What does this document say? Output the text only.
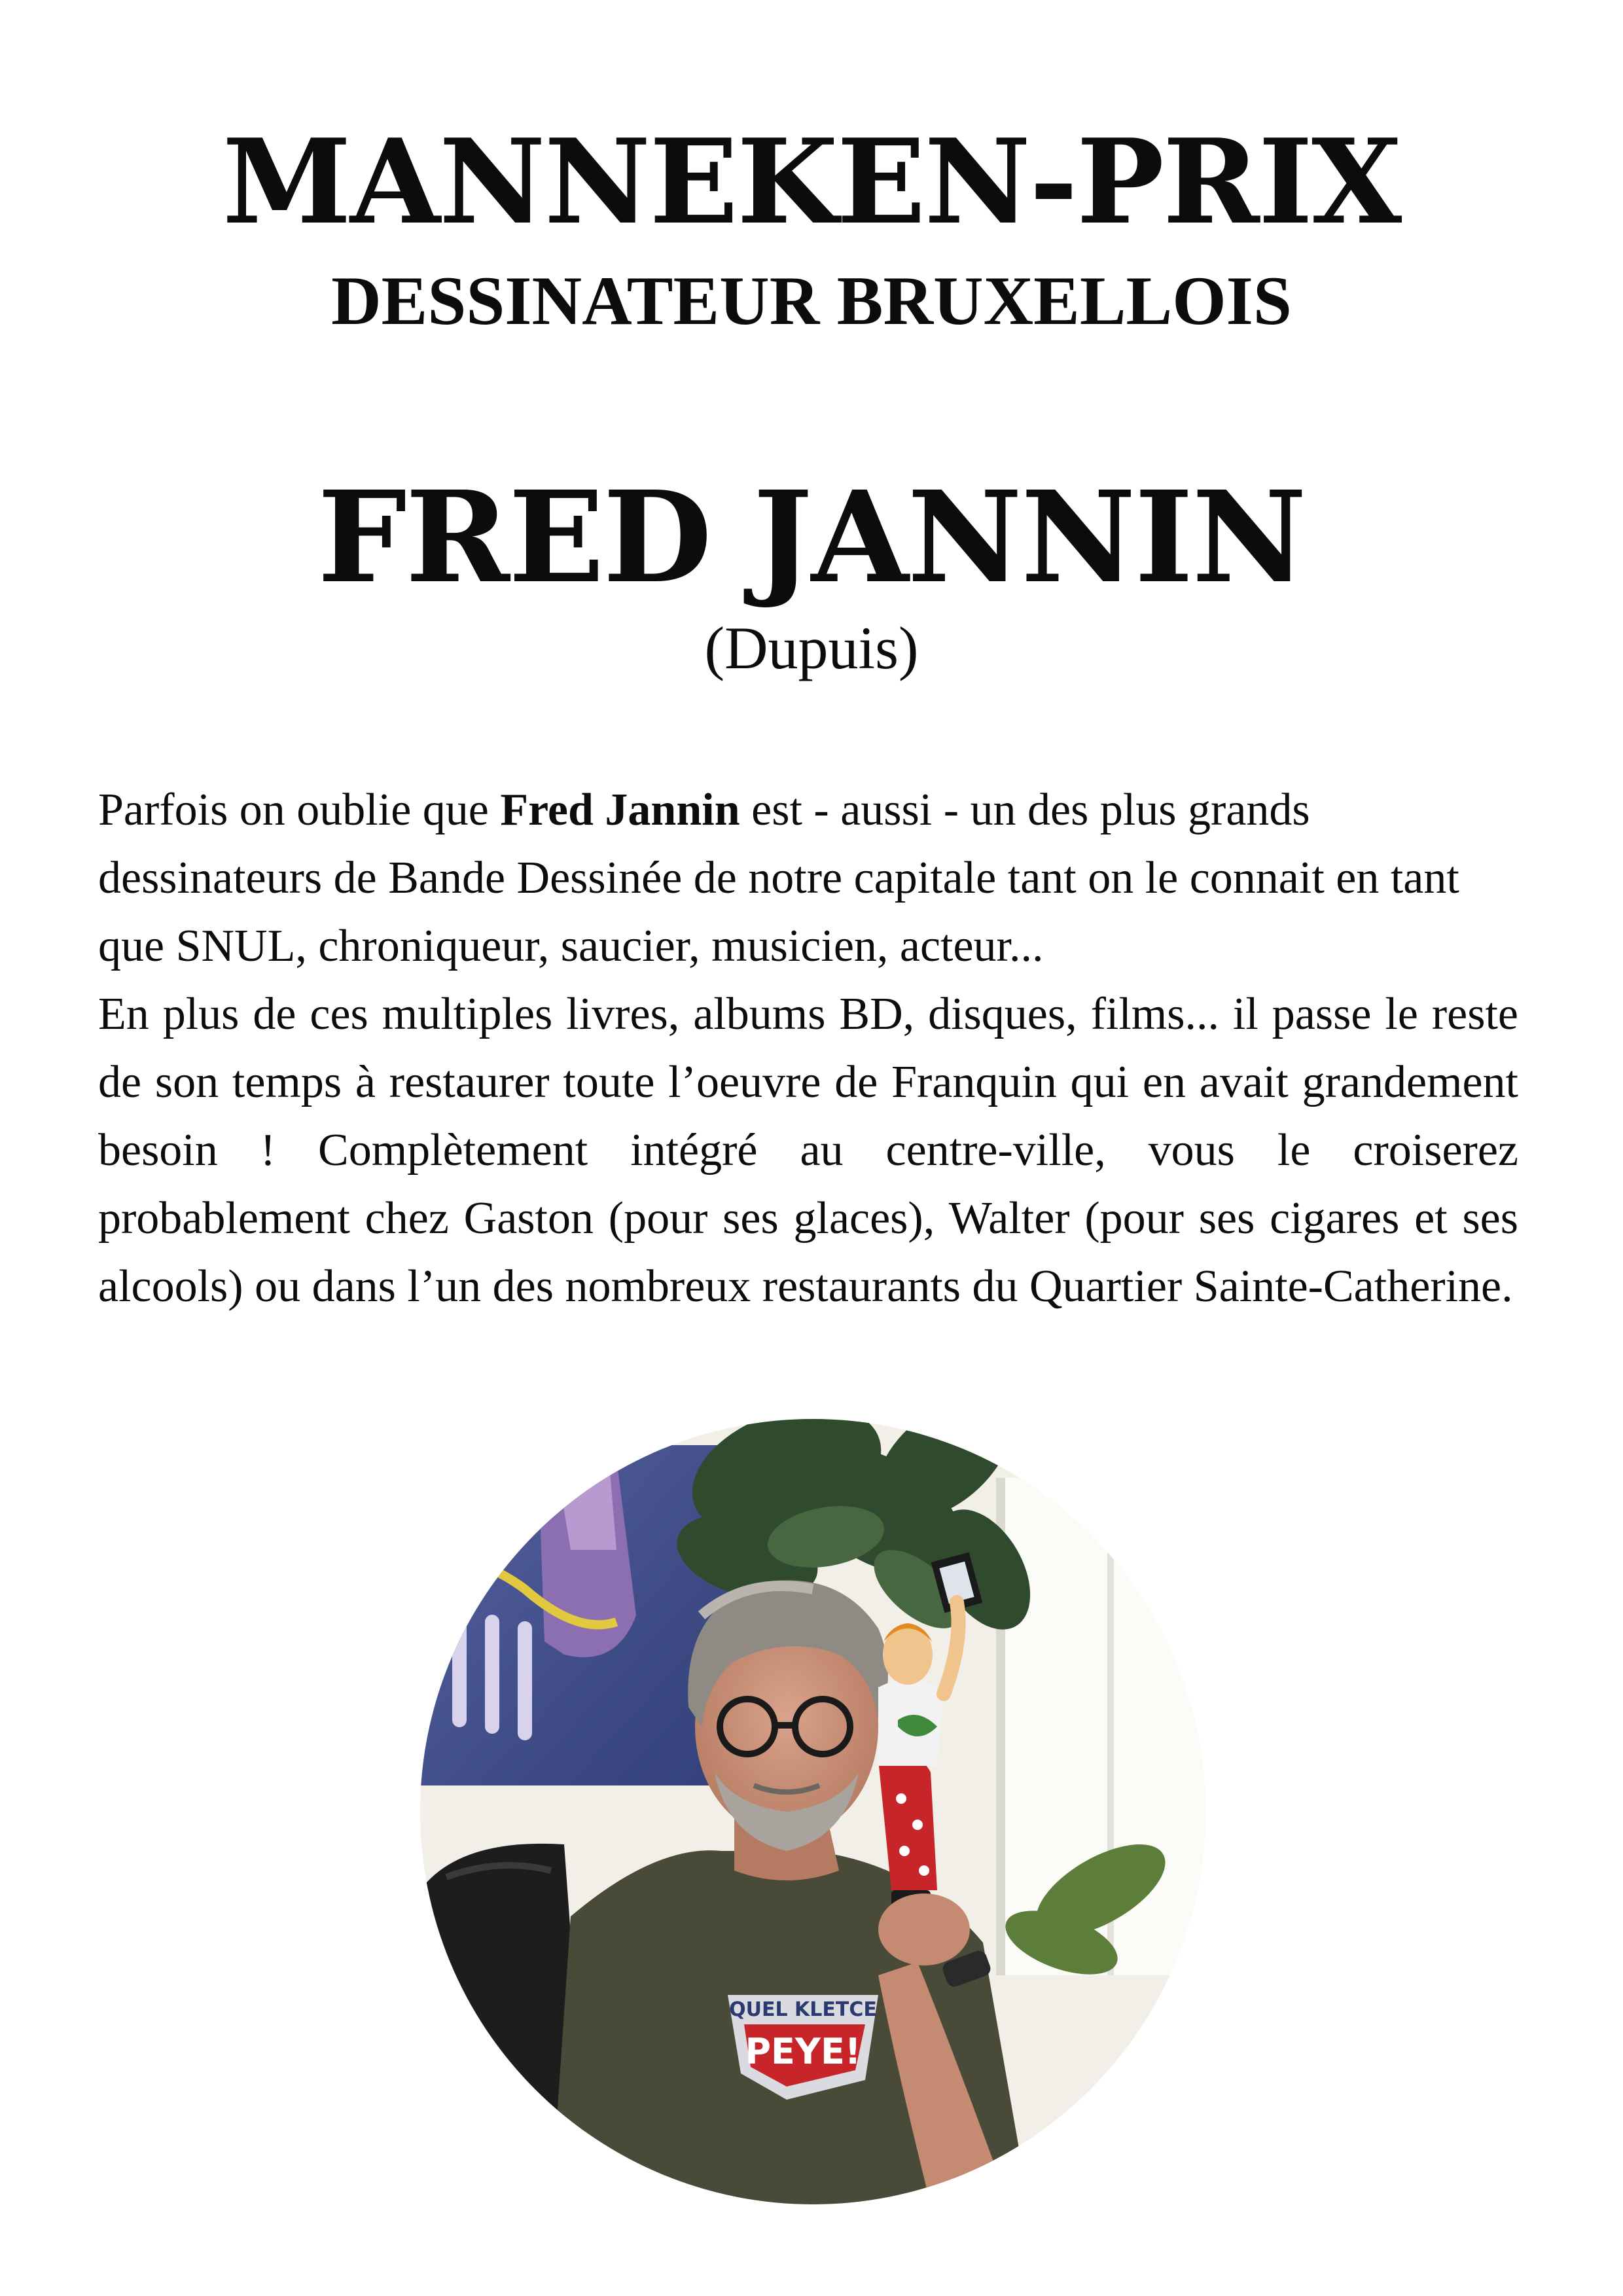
MANNEKEN-PRIX
DESSINATEUR BRUXELLOIS
FRED JANNIN
(Dupuis)

Parfois on oublie que Fred Jannin est - aussi - un des plus grands dessinateurs de Bande Dessinée de notre capitale tant on le connait en tant que SNUL, chroniqueur, saucier, musicien, acteur...

En plus de ces multiples livres, albums BD, disques, films... il passe le reste de son temps à restaurer toute l’oeuvre de Franquin qui en avait grandement besoin ! Complètement intégré au centre-ville, vous le croiserez probablement chez Gaston (pour ses glaces), Walter (pour ses cigares et ses alcools) ou dans l’un des nombreux restaurants du Quartier Sainte-Catherine.

QUEL KLETCE
PEYE!
